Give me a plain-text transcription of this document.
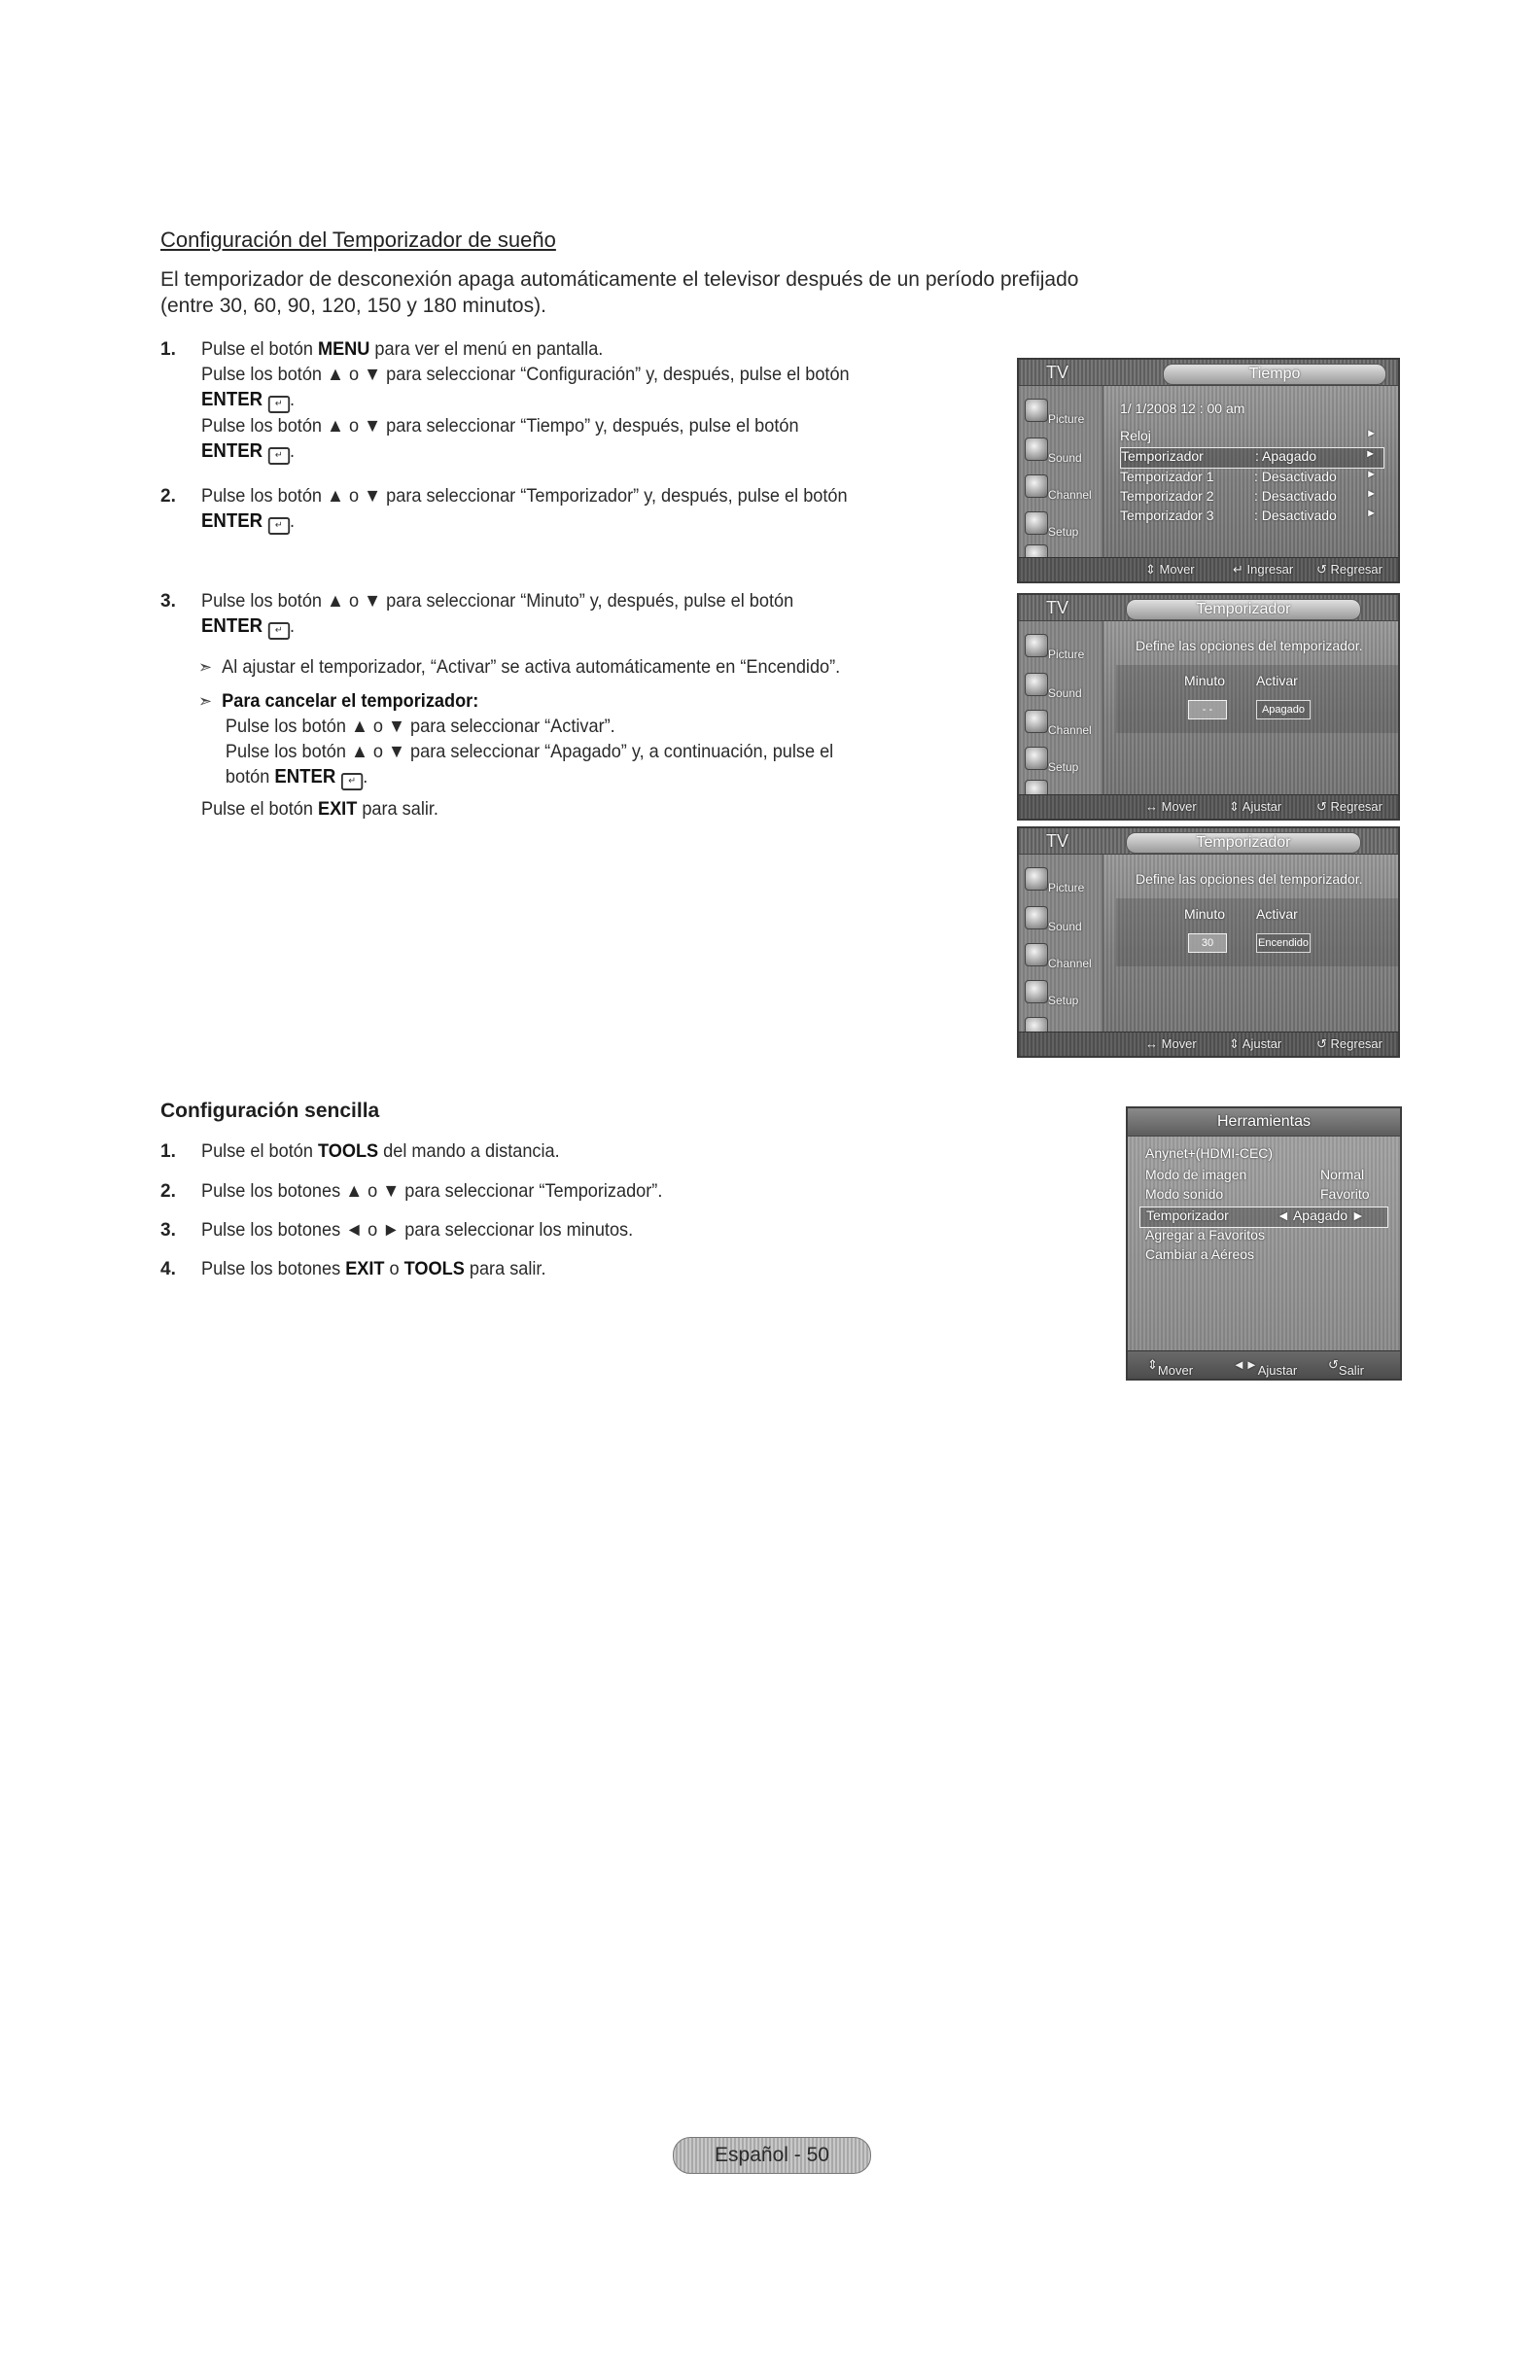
Configuración del Temporizador de sueño
El temporizador de desconexión apaga automáticamente el televisor después de un período prefijado
(entre 30, 60, 90, 120, 150 y 180 minutos).
1. Pulse el botón MENU para ver el menú en pantalla.
Pulse los botón ▲ o ▼ para seleccionar “Configuración” y, después, pulse el botón
ENTER ↵ .
Pulse los botón ▲ o ▼ para seleccionar “Tiempo” y, después, pulse el botón
ENTER ↵ .
2. Pulse los botón ▲ o ▼ para seleccionar “Temporizador” y, después, pulse el botón
ENTER ↵ .
3. Pulse los botón ▲ o ▼ para seleccionar “Minuto” y, después, pulse el botón
ENTER ↵ .
➣ Al ajustar el temporizador, “Activar” se activa automáticamente en “Encendido”.
➣ Para cancelar el temporizador:
Pulse los botón ▲ o ▼ para seleccionar “Activar”.
Pulse los botón ▲ o ▼ para seleccionar “Apagado” y, a continuación, pulse el
botón ENTER ↵ .
Pulse el botón EXIT para salir.
Configuración sencilla
1. Pulse el botón TOOLS del mando a distancia.
2. Pulse los botones ▲ o ▼ para seleccionar “Temporizador”.
3. Pulse los botones ◄ o ► para seleccionar los minutos.
4. Pulse los botones EXIT o TOOLS para salir.
Picture
Sound
Channel
Setup
TV	Tiempo
1/ 1/2008 12 : 00 am
Reloj	►
Temporizador	: Apagado	►
Temporizador 1	: Desactivado	►
Temporizador 2	: Desactivado	►
Temporizador 3	: Desactivado	►
⇕ Mover	↵ Ingresar ↺ Regresar
Picture
Sound
Channel
Setup
TV	Temporizador
Define las opciones del temporizador.
Minuto Activar
- -	Apagado
↔ Mover	⇕ Ajustar	↺ Regresar
Picture
Sound
Channel
Setup
TV	Temporizador
Define las opciones del temporizador.
Minuto Activar
30	Encendido
↔ Mover	⇕ Ajustar	↺ Regresar
Herramientas
Anynet+(HDMI-CEC)
Modo de imagen	Normal
Modo sonido	Favorito
Temporizador	◄ Apagado ►
Agregar a Favoritos
Cambiar a Aéreos
⇕ Mover	◄► Ajustar ↺ Salir
Español - 50
